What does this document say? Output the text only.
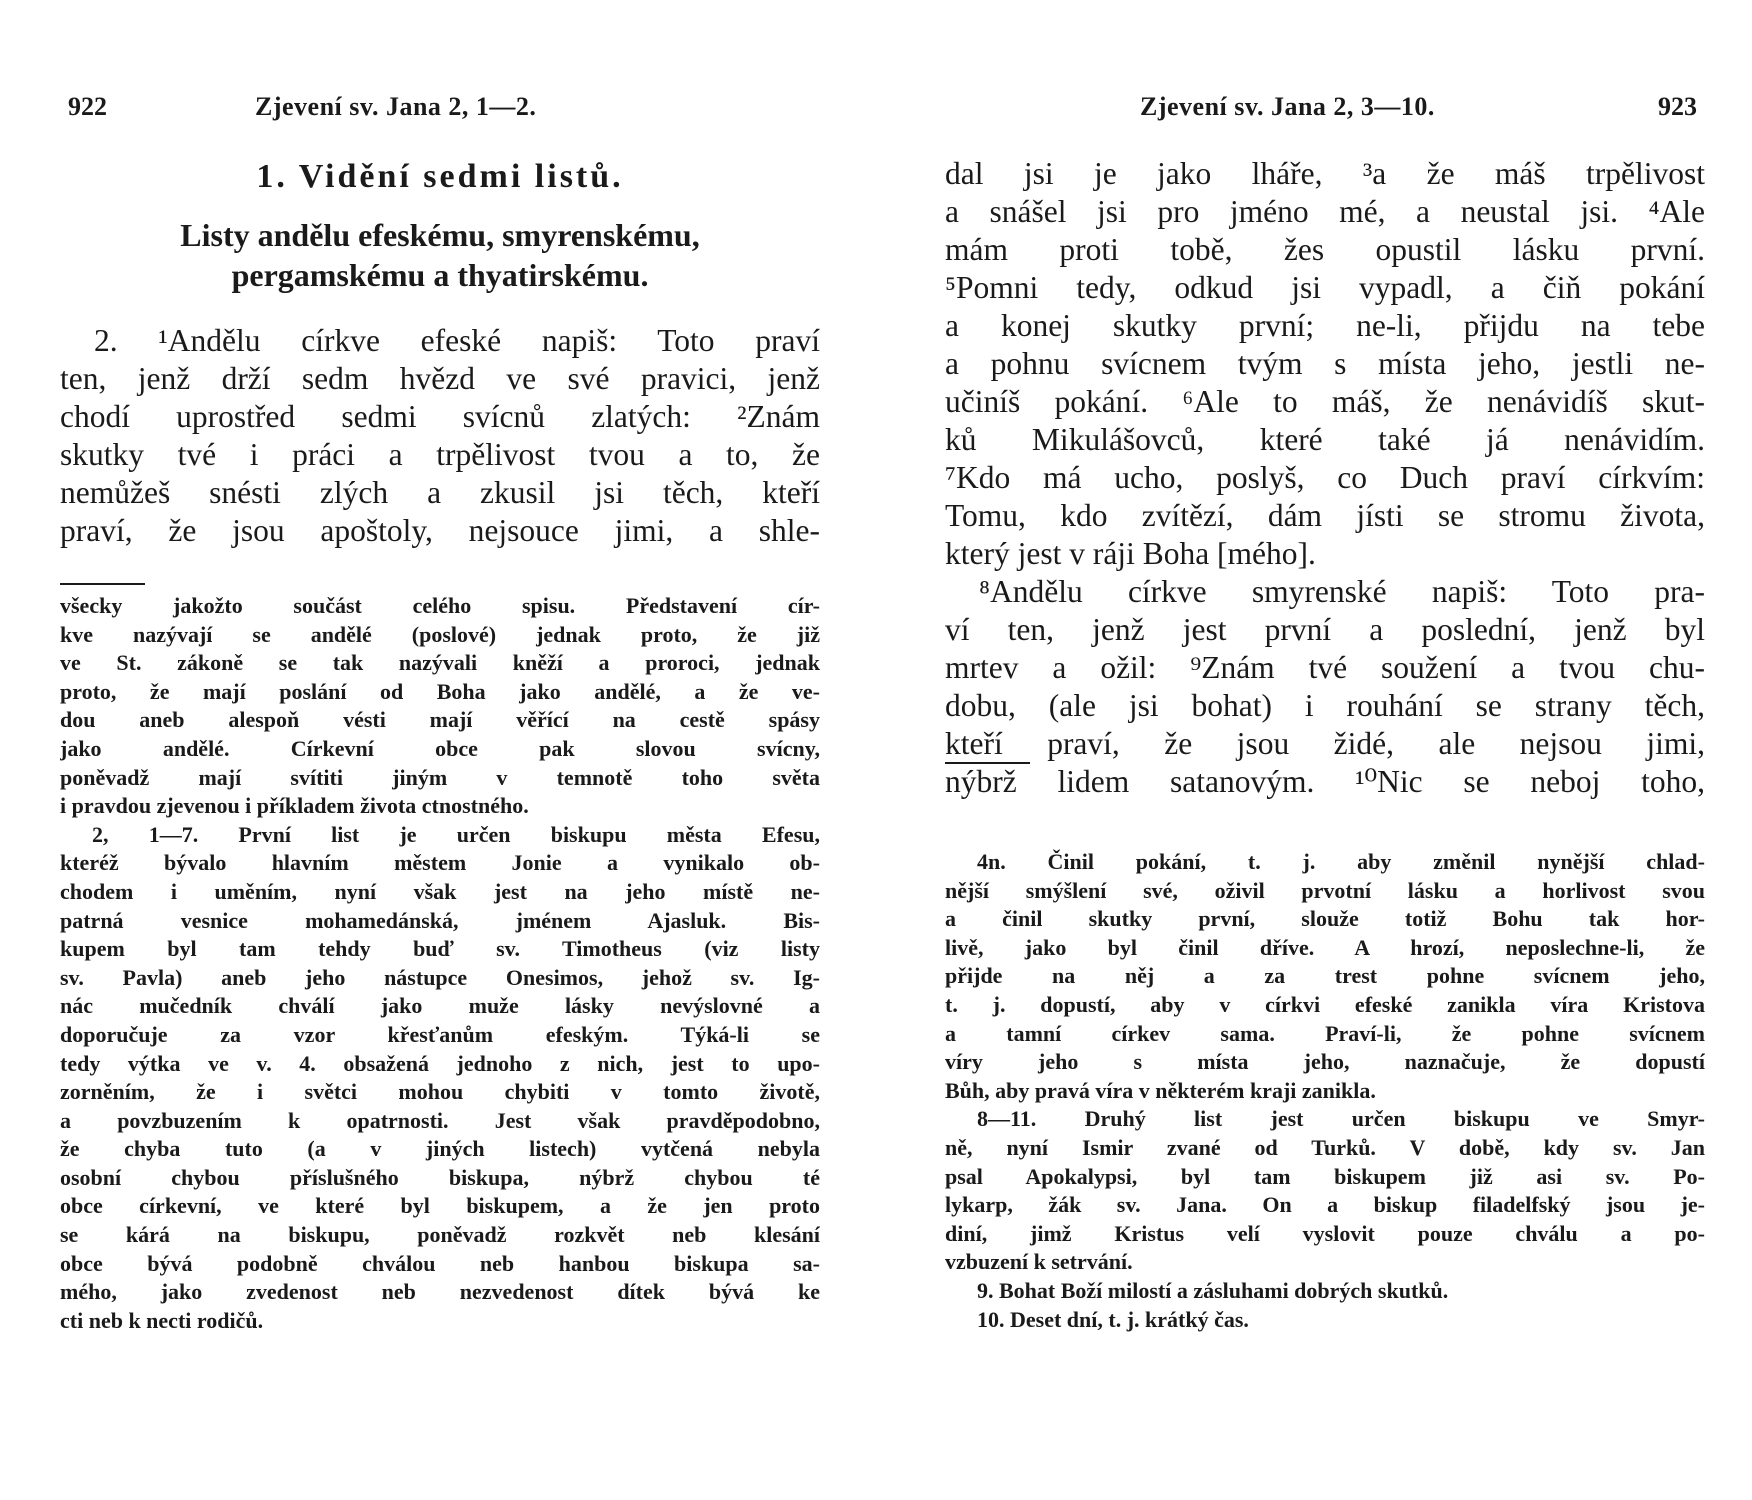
922	Zjevení sv. Jana 2, 1—2.
1. Vidění sedmi listů.
Listy andělu efeskému, smyrenskému,
pergamskému a thyatirskému.
2. ¹Andělu církve efeské napiš: Toto praví
ten, jenž drží sedm hvězd ve své pravici, jenž
chodí uprostřed sedmi svícnů zlatých: ²Znám
skutky tvé i práci a trpělivost tvou a to, že
nemůžeš snésti zlých a zkusil jsi těch, kteří
praví, že jsou apoštoly, nejsouce jimi, a shle-
všecky jakožto součást celého spisu. Představení cír-
kve nazývají se andělé (poslové) jednak proto, že již
ve St. zákoně se tak nazývali kněží a proroci, jednak
proto, že mají poslání od Boha jako andělé, a že ve-
dou aneb alespoň vésti mají věřící na cestě spásy
jako andělé. Církevní obce pak slovou svícny,
poněvadž mají svítiti jiným v temnotě toho světa
i pravdou zjevenou i příkladem života ctnostného.
2, 1—7. První list je určen biskupu města Efesu,
kteréž bývalo hlavním městem Jonie a vynikalo ob-
chodem i uměním, nyní však jest na jeho místě ne-
patrná vesnice mohamedánská, jménem Ajasluk. Bis-
kupem byl tam tehdy buď sv. Timotheus (viz listy
sv. Pavla) aneb jeho nástupce Onesimos, jehož sv. Ig-
nác mučedník chválí jako muže lásky nevýslovné a
doporučuje za vzor křesťanům efeským. Týká-li se
tedy výtka ve v. 4. obsažená jednoho z nich, jest to upo-
zorněním, že i světci mohou chybiti v tomto životě,
a povzbuzením k opatrnosti. Jest však pravděpodobno,
že chyba tuto (a v jiných listech) vytčená nebyla
osobní chybou příslušného biskupa, nýbrž chybou té
obce církevní, ve které byl biskupem, a že jen proto
se kárá na biskupu, poněvadž rozkvět neb klesání
obce bývá podobně chválou neb hanbou biskupa sa-
mého, jako zvedenost neb nezvedenost dítek bývá ke
cti neb k necti rodičů.
Zjevení sv. Jana 2, 3—10.	923
dal jsi je jako lháře, ³a že máš trpělivost
a snášel jsi pro jméno mé, a neustal jsi. ⁴Ale
mám proti tobě, žes opustil lásku první.
⁵Pomni tedy, odkud jsi vypadl, a čiň pokání
a konej skutky první; ne-li, přijdu na tebe
a pohnu svícnem tvým s místa jeho, jestli ne-
učiníš pokání. ⁶Ale to máš, že nenávidíš skut-
ků Mikulášovců, které také já nenávidím.
⁷Kdo má ucho, poslyš, co Duch praví církvím:
Tomu, kdo zvítězí, dám jísti se stromu života,
který jest v ráji Boha [mého].
⁸Andělu církve smyrenské napiš: Toto pra-
ví ten, jenž jest první a poslední, jenž byl
mrtev a ožil: ⁹Znám tvé soužení a tvou chu-
dobu, (ale jsi bohat) i rouhání se strany těch,
kteří praví, že jsou židé, ale nejsou jimi,
nýbrž lidem satanovým. ¹⁰Nic se neboj toho,
4n. Činil pokání, t. j. aby změnil nynější chlad-
nější smýšlení své, oživil prvotní lásku a horlivost svou
a činil skutky první, slouže totiž Bohu tak hor-
livě, jako byl činil dříve. A hrozí, neposlechne-li, že
přijde na něj a za trest pohne svícnem jeho,
t. j. dopustí, aby v církvi efeské zanikla víra Kristova
a tamní církev sama. Praví-li, že pohne svícnem
víry jeho s místa jeho, naznačuje, že dopustí
Bůh, aby pravá víra v některém kraji zanikla.
8—11. Druhý list jest určen biskupu ve Smyr-
ně, nyní Ismir zvané od Turků. V době, kdy sv. Jan
psal Apokalypsi, byl tam biskupem již asi sv. Po-
lykarp, žák sv. Jana. On a biskup filadelfský jsou je-
diní, jimž Kristus velí vyslovit pouze chválu a po-
vzbuzení k setrvání.
9. Bohat Boží milostí a zásluhami dobrých skutků.
10. Deset dní, t. j. krátký čas.
